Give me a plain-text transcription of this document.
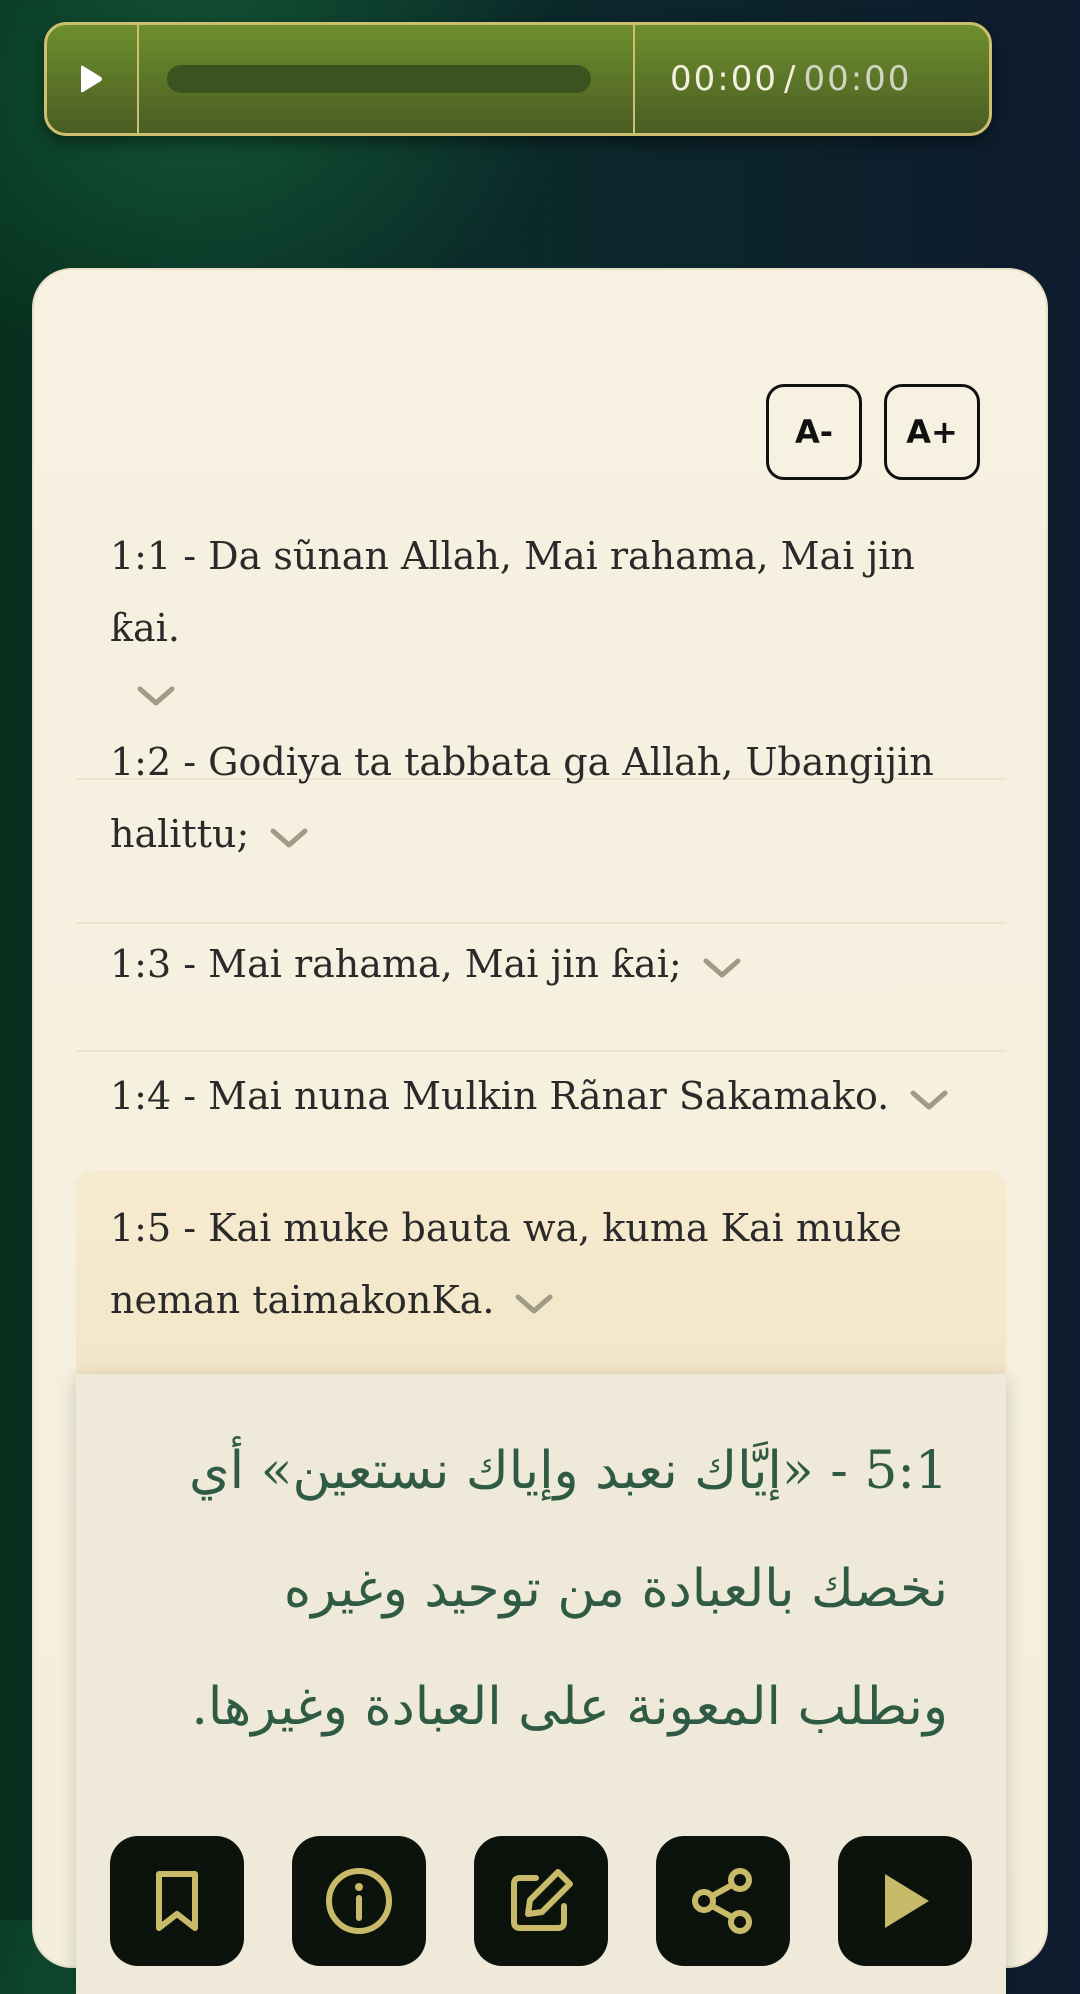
00:00 / 00:00
A-	A+
1:1 - Da sũnan Allah, Mai rahama, Mai jin ƙai.
1:2 - Godiya ta tabbata ga Allah, Ubangijin halittu;
1:3 - Mai rahama, Mai jin ƙai;
1:4 - Mai nuna Mulkin Rãnar Sakamako.
1:5 - Kai muke bauta wa, kuma Kai muke neman taimakonKa.
5:1 - «إيَّاك نعبد وإياك نستعين» أي نخصك بالعبادة من توحيد وغيره ونطلب المعونة على العبادة وغيرها.
